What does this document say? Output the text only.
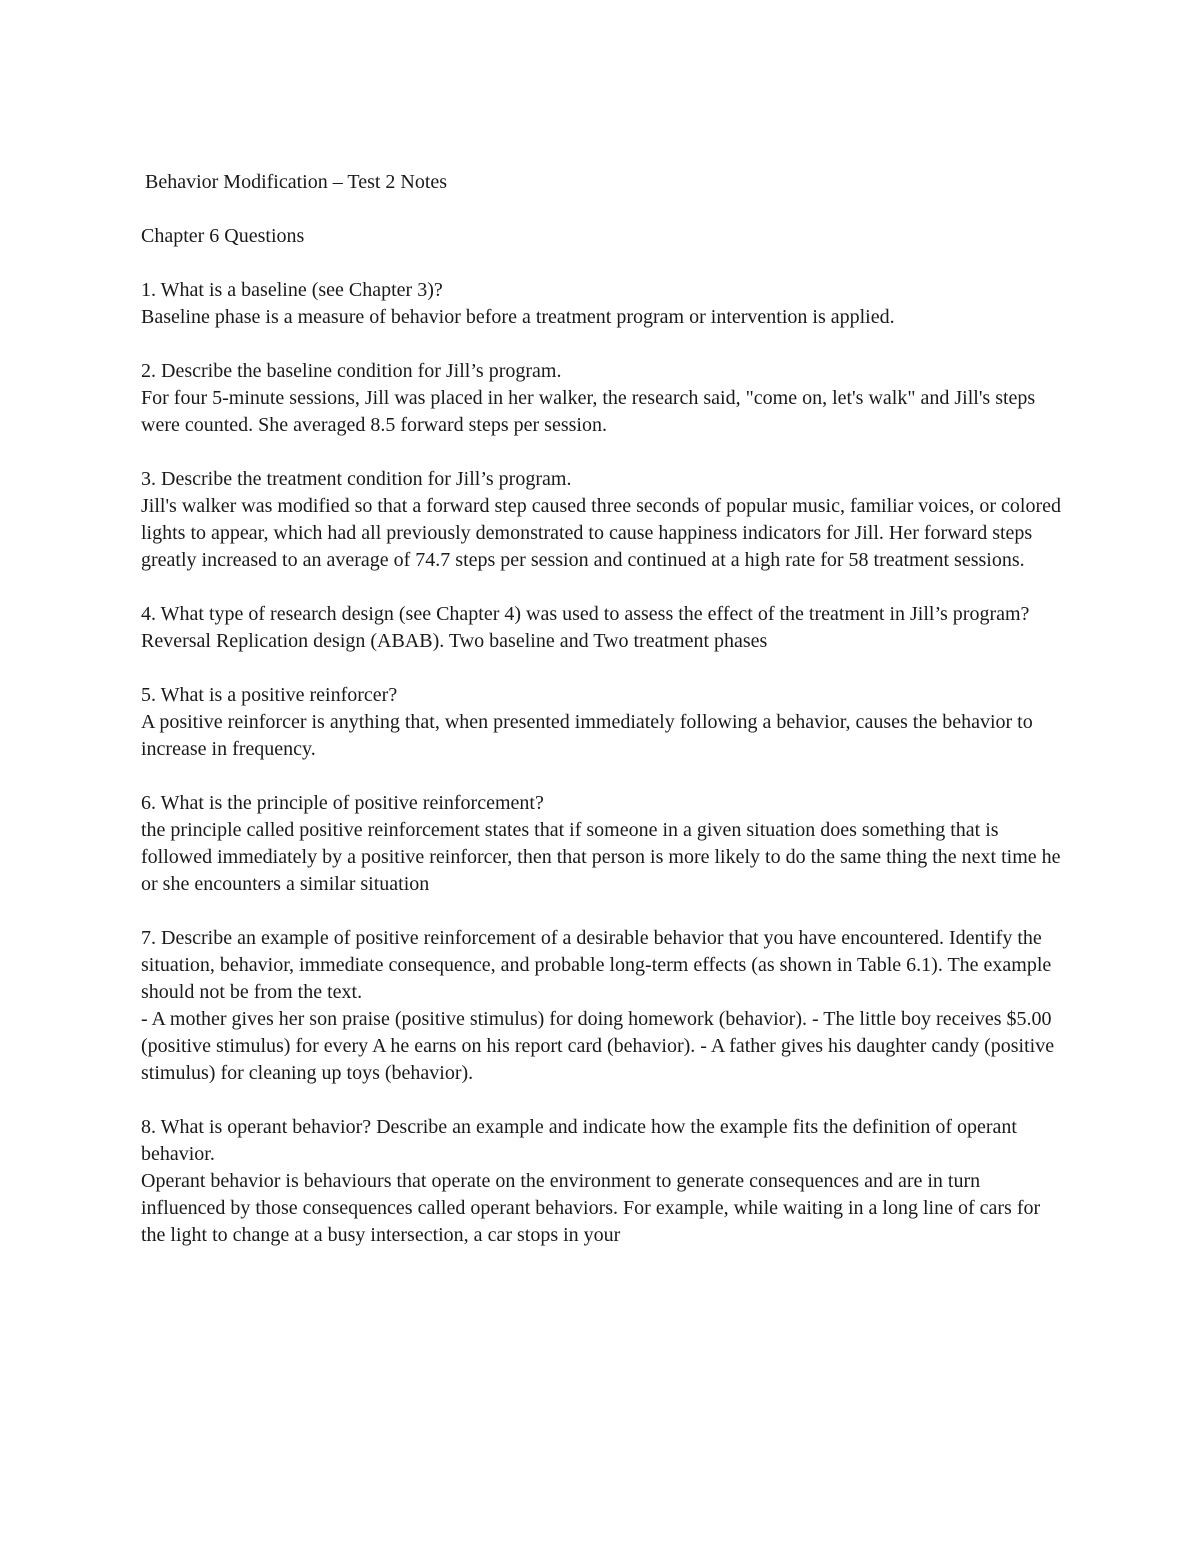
Behavior Modification – Test 2 Notes
Chapter 6 Questions
1. What is a baseline (see Chapter 3)?
Baseline phase is a measure of behavior before a treatment program or intervention is applied.
2. Describe the baseline condition for Jill’s program.
For four 5-minute sessions, Jill was placed in her walker, the research said, "come on, let's walk" and Jill's steps were counted. She averaged 8.5 forward steps per session.
3. Describe the treatment condition for Jill’s program.
Jill's walker was modified so that a forward step caused three seconds of popular music, familiar voices, or colored lights to appear, which had all previously demonstrated to cause happiness indicators for Jill. Her forward steps greatly increased to an average of 74.7 steps per session and continued at a high rate for 58 treatment sessions.
4. What type of research design (see Chapter 4) was used to assess the effect of the treatment in Jill’s program?
Reversal Replication design (ABAB). Two baseline and Two treatment phases
5. What is a positive reinforcer?
A positive reinforcer is anything that, when presented immediately following a behavior, causes the behavior to increase in frequency.
6. What is the principle of positive reinforcement?
the principle called positive reinforcement states that if someone in a given situation does something that is followed immediately by a positive reinforcer, then that person is more likely to do the same thing the next time he or she encounters a similar situation
7. Describe an example of positive reinforcement of a desirable behavior that you have encountered. Identify the situation, behavior, immediate consequence, and probable long-term effects (as shown in Table 6.1). The example should not be from the text.
- A mother gives her son praise (positive stimulus) for doing homework (behavior). - The little boy receives $5.00 (positive stimulus) for every A he earns on his report card (behavior). - A father gives his daughter candy (positive stimulus) for cleaning up toys (behavior).
8. What is operant behavior? Describe an example and indicate how the example fits the definition of operant behavior.
Operant behavior is behaviours that operate on the environment to generate consequences and are in turn influenced by those consequences called operant behaviors. For example, while waiting in a long line of cars for the light to change at a busy intersection, a car stops in your
